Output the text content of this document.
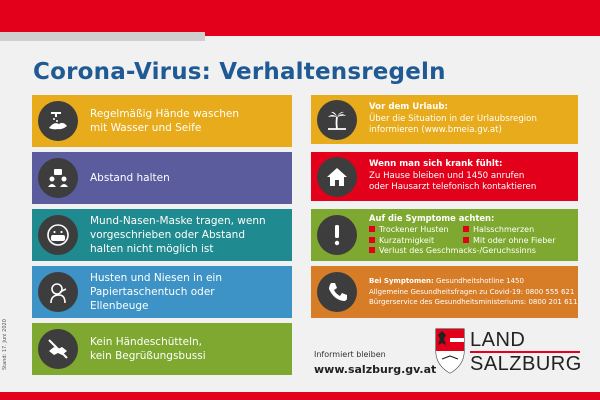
Corona-Virus: Verhaltensregeln
Regelmäßig Hände waschen
mit Wasser und Seife
Abstand halten
Mund-Nasen-Maske tragen, wenn
vorgeschrieben oder Abstand
halten nicht möglich ist
Husten und Niesen in ein
Papiertaschentuch oder
Ellenbeuge
Kein Händeschütteln,
kein Begrüßungsbussi
Vor dem Urlaub:
Über die Situation in der Urlaubsregion
informieren (www.bmeia.gv.at)
Wenn man sich krank fühlt:
Zu Hause bleiben und 1450 anrufen
oder Hausarzt telefonisch kontaktieren
Auf die Symptome achten:
Trockener Husten	Halsschmerzen
Kurzatmigkeit	Mit oder ohne Fieber
Verlust des Geschmacks-/Geruchssinns
Bei Symptomen: Gesundheitshotline 1450
Allgemeine Gesundheitsfragen zu Covid-19: 0800 555 621
Bürgerservice des Gesundheitsministeriums: 0800 201 611
Stand: 17. Juni 2020	Informiert bleiben
www.salzburg.gv.at
LAND
SALZBURG
